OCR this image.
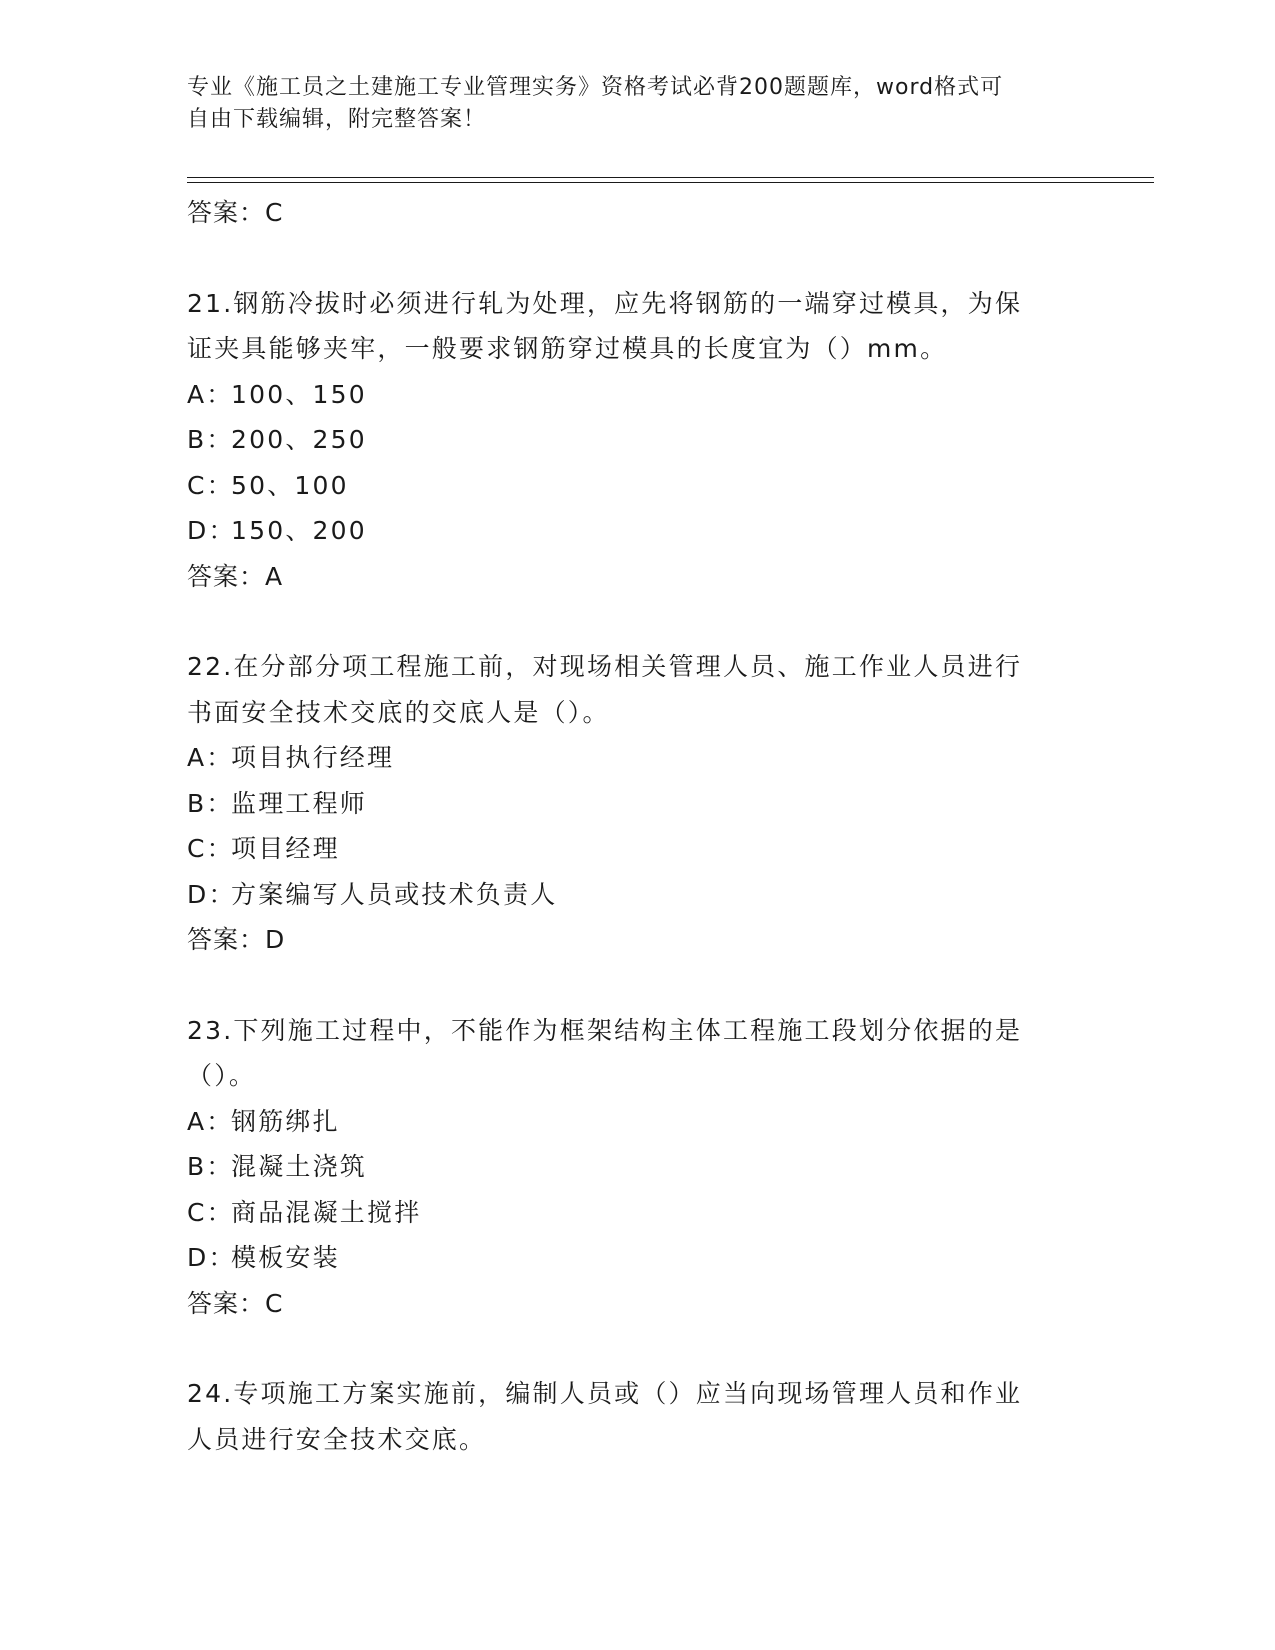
专业《施工员之土建施工专业管理实务》资格考试必背200题题库，word格式可
自由下载编辑，附完整答案！
答案：C
21.钢筋冷拔时必须进行轧为处理，应先将钢筋的一端穿过模具，为保
证夹具能够夹牢，一般要求钢筋穿过模具的长度宜为（）mm。
A：100、150
B：200、250
C：50、100
D：150、200
答案：A
22.在分部分项工程施工前，对现场相关管理人员、施工作业人员进行
书面安全技术交底的交底人是（）。
A：项目执行经理
B：监理工程师
C：项目经理
D：方案编写人员或技术负责人
答案：D
23.下列施工过程中，不能作为框架结构主体工程施工段划分依据的是
（）。
A：钢筋绑扎
B：混凝土浇筑
C：商品混凝土搅拌
D：模板安装
答案：C
24.专项施工方案实施前，编制人员或（）应当向现场管理人员和作业
人员进行安全技术交底。
